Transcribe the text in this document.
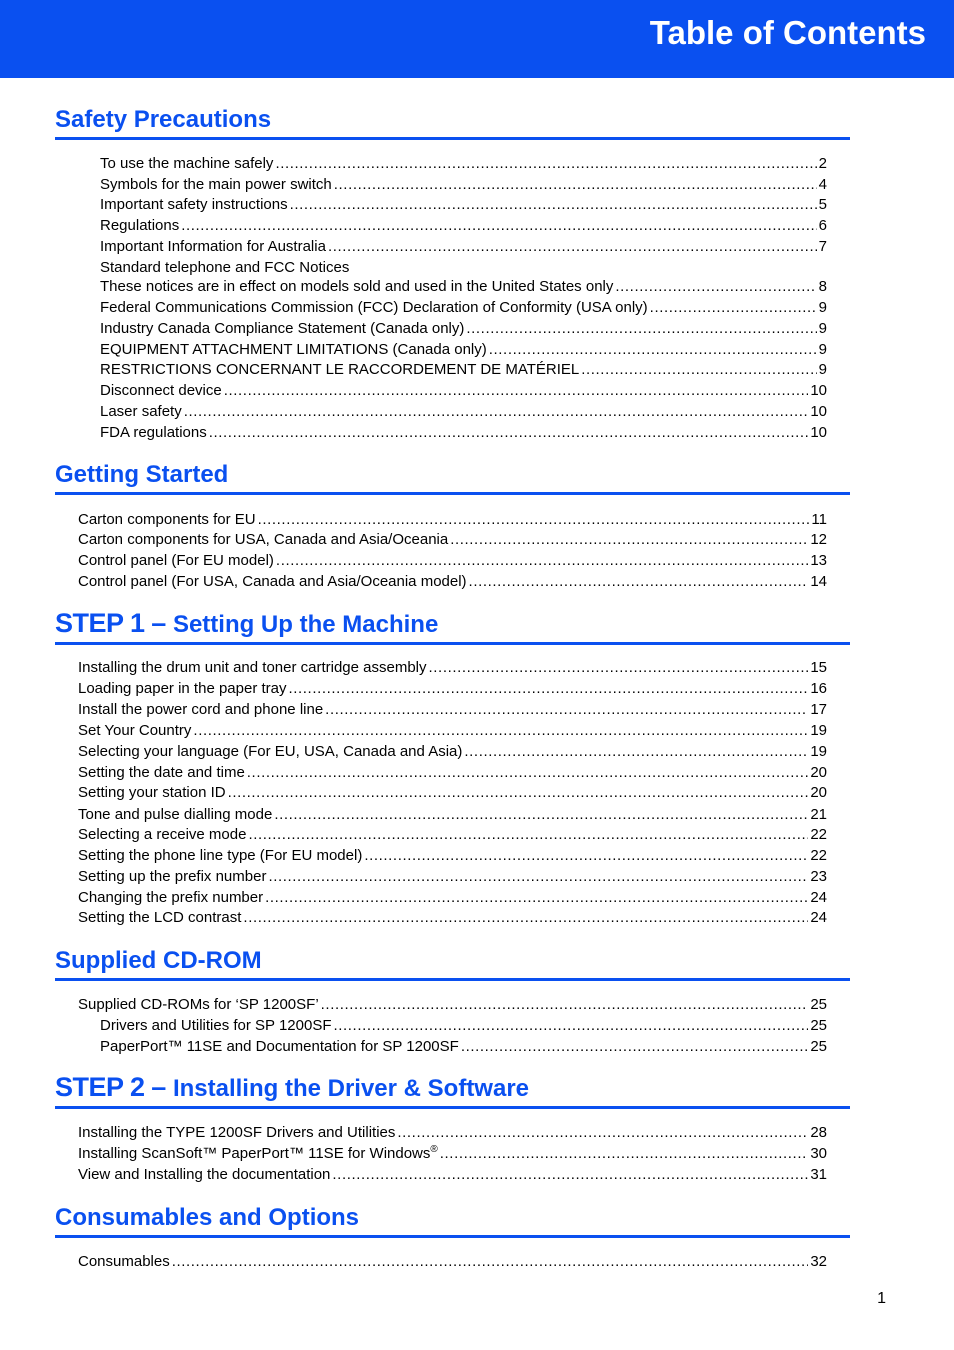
Table of Contents
Safety Precautions
To use the machine safely .....	2
Symbols for the main power switch .....	4
Important safety instructions .....	5
Regulations .....	6
Important Information for Australia .....	7
Standard telephone and FCC Notices
These notices are in effect on models sold and used in the United States only .....	8
Federal Communications Commission (FCC) Declaration of Conformity (USA only) .....	9
Industry Canada Compliance Statement (Canada only) .....	9
EQUIPMENT ATTACHMENT LIMITATIONS (Canada only) .....	9
RESTRICTIONS CONCERNANT LE RACCORDEMENT DE MATÉRIEL .....	9
Disconnect device .....	10
Laser safety .....	10
FDA regulations .....	10
Getting Started
Carton components for EU .....	11
Carton components for USA, Canada and Asia/Oceania .....	12
Control panel (For EU model) .....	13
Control panel (For USA, Canada and Asia/Oceania model) .....	14
STEP 1 – Setting Up the Machine
Installing the drum unit and toner cartridge assembly .....	15
Loading paper in the paper tray .....	16
Install the power cord and phone line .....	17
Set Your Country .....	19
Selecting your language (For EU, USA, Canada and Asia) .....	19
Setting the date and time .....	20
Setting your station ID .....	20
Tone and pulse dialling mode .....	21
Selecting a receive mode .....	22
Setting the phone line type (For EU model) .....	22
Setting up the prefix number .....	23
Changing the prefix number .....	24
Setting the LCD contrast .....	24
Supplied CD-ROM
Supplied CD-ROMs for ‘SP 1200SF’ .....	25
Drivers and Utilities for SP 1200SF .....	25
PaperPort™ 11SE and Documentation for SP 1200SF .....	25
STEP 2 – Installing the Driver & Software
Installing the TYPE 1200SF Drivers and Utilities .....	28
Installing ScanSoft™ PaperPort™ 11SE for Windows® .....	30
View and Installing the documentation .....	31
Consumables and Options
Consumables .....	32
1
